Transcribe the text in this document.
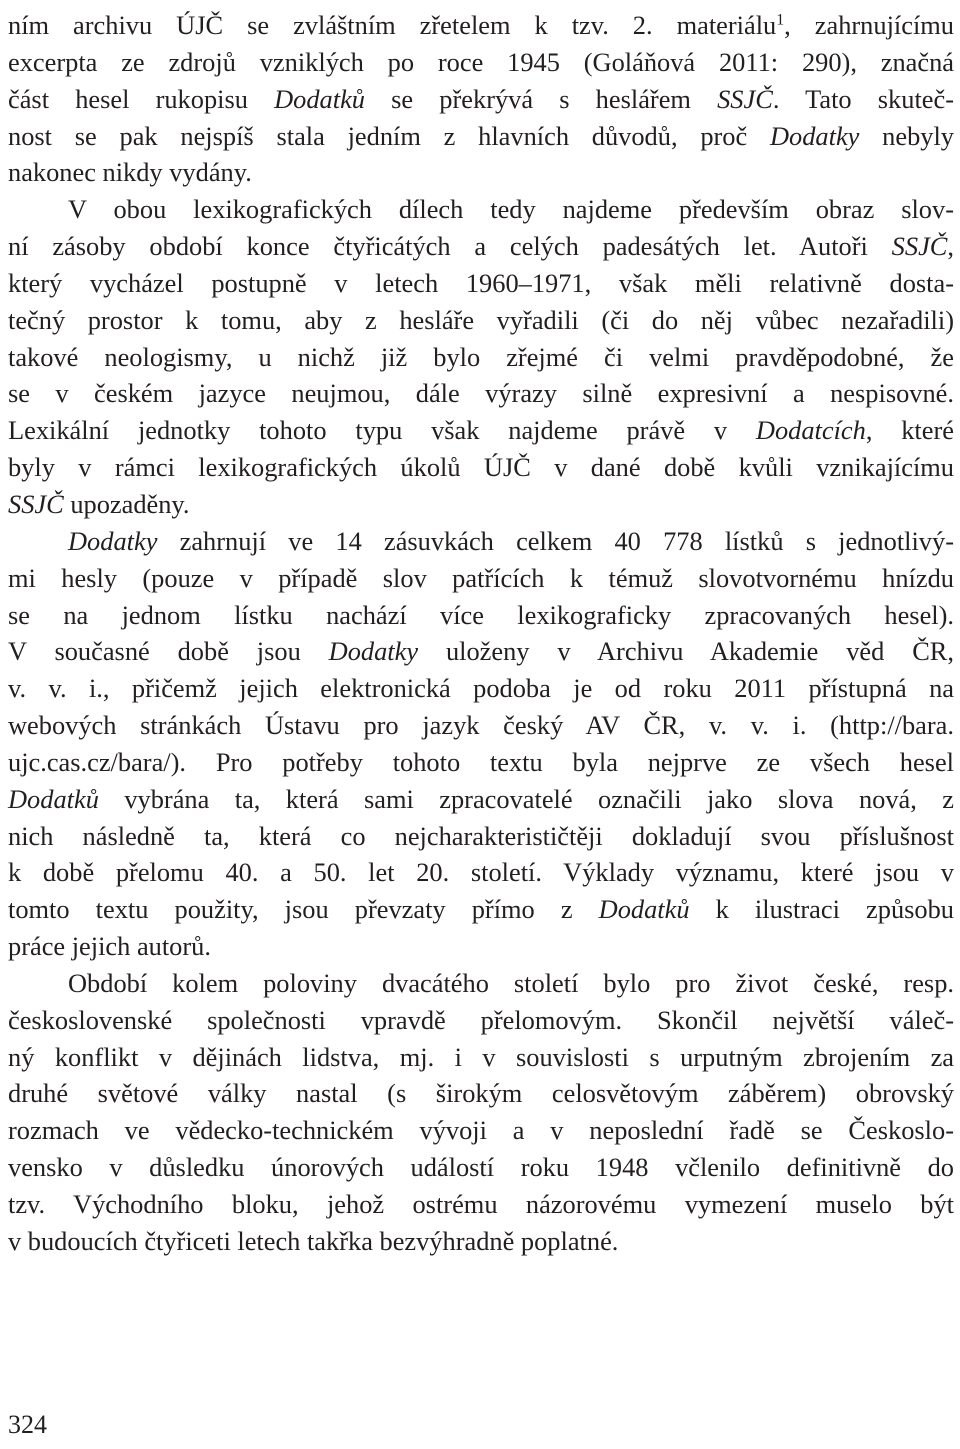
ním archivu ÚJČ se zvláštním zřetelem k tzv. 2. materiálu$^1$, zahrnujícímu
excerpta ze zdrojů vzniklých po roce 1945 (Goláňová 2011: 290), značná
část hesel rukopisu Dodatků se překrývá s heslářem SSJČ. Tato skuteč-
nost se pak nejspíš stala jedním z hlavních důvodů, proč Dodatky nebyly
nakonec nikdy vydány.
V obou lexikografických dílech tedy najdeme především obraz slov-
ní zásoby období konce čtyřicátých a celých padesátých let. Autoři SSJČ,
který vycházel postupně v letech 1960–1971, však měli relativně dosta-
tečný prostor k tomu, aby z hesláře vyřadili (či do něj vůbec nezařadili)
takové neologismy, u nichž již bylo zřejmé či velmi pravděpodobné, že
se v českém jazyce neujmou, dále výrazy silně expresivní a nespisovné.
Lexikální jednotky tohoto typu však najdeme právě v Dodatcích, které
byly v rámci lexikografických úkolů ÚJČ v dané době kvůli vznikajícímu
SSJČ upozaděny.
Dodatky zahrnují ve 14 zásuvkách celkem 40 778 lístků s jednotlivý-
mi hesly (pouze v případě slov patřících k témuž slovotvornému hnízdu
se na jednom lístku nachází více lexikograficky zpracovaných hesel).
V současné době jsou Dodatky uloženy v Archivu Akademie věd ČR,
v. v. i., přičemž jejich elektronická podoba je od roku 2011 přístupná na
webových stránkách Ústavu pro jazyk český AV ČR, v. v. i. (http://bara.
ujc.cas.cz/bara/). Pro potřeby tohoto textu byla nejprve ze všech hesel
Dodatků vybrána ta, která sami zpracovatelé označili jako slova nová, z
nich následně ta, která co nejcharakterističtěji dokladují svou příslušnost
k době přelomu 40. a 50. let 20. století. Výklady významu, které jsou v
tomto textu použity, jsou převzaty přímo z Dodatků k ilustraci způsobu
práce jejich autorů.
Období kolem poloviny dvacátého století bylo pro život české, resp.
československé společnosti vpravdě přelomovým. Skončil největší váleč-
ný konflikt v dějinách lidstva, mj. i v souvislosti s urputným zbrojením za
druhé světové války nastal (s širokým celosvětovým záběrem) obrovský
rozmach ve vědecko-technickém vývoji a v neposlední řadě se Českoslo-
vensko v důsledku únorových událostí roku 1948 včlenilo definitivně do
tzv. Východního bloku, jehož ostrému názorovému vymezení muselo být
v budoucích čtyřiceti letech takřka bezvýhradně poplatné.
324
